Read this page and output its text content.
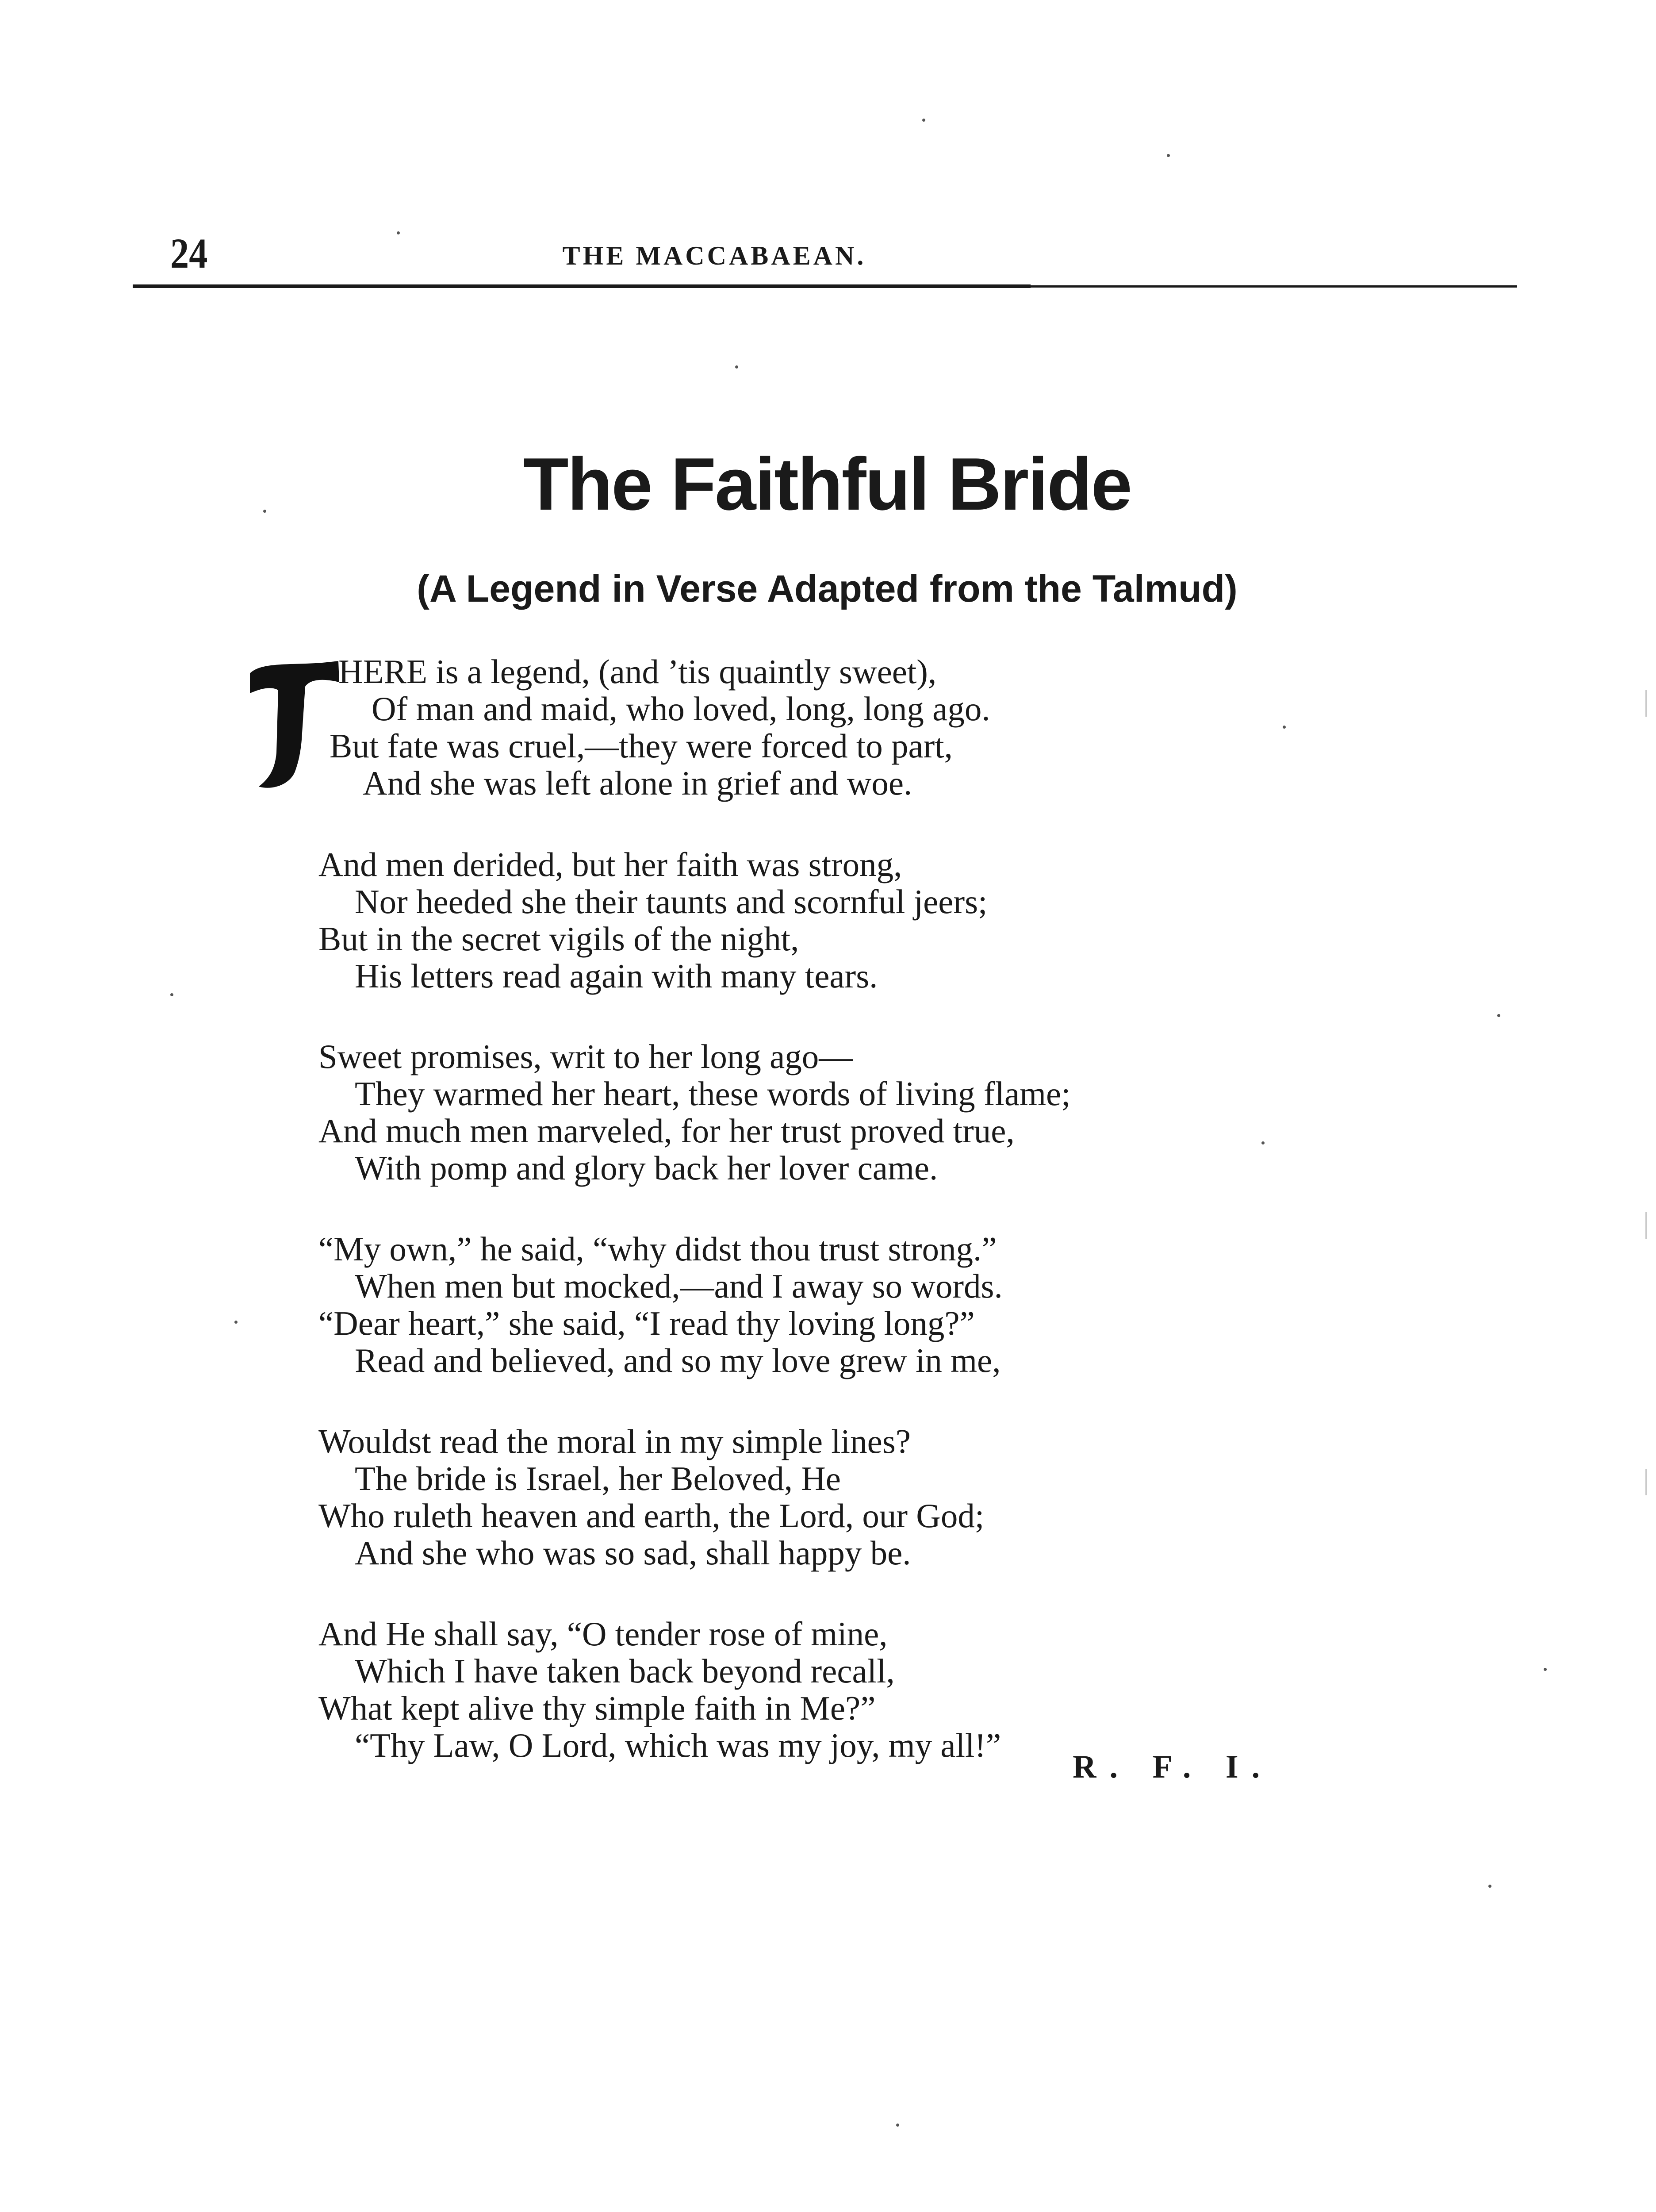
24	THE MACCABAEAN.
The Faithful Bride
(A Legend in Verse Adapted from the Talmud)
HERE is a legend, (and ’tis quaintly sweet),
Of man and maid, who loved, long, long ago.
But fate was cruel,—they were forced to part,
And she was left alone in grief and woe.
And men derided, but her faith was strong,
Nor heeded she their taunts and scornful jeers;
But in the secret vigils of the night,
His letters read again with many tears.
Sweet promises, writ to her long ago—
They warmed her heart, these words of living flame;
And much men marveled, for her trust proved true,
With pomp and glory back her lover came.
“My own,” he said, “why didst thou trust strong.”
When men but mocked,—and I away so words.
“Dear heart,” she said, “I read thy loving long?”
Read and believed, and so my love grew in me,
Wouldst read the moral in my simple lines?
The bride is Israel, her Beloved, He
Who ruleth heaven and earth, the Lord, our God;
And she who was so sad, shall happy be.
And He shall say, “O tender rose of mine,
Which I have taken back beyond recall,
What kept alive thy simple faith in Me?”
“Thy Law, O Lord, which was my joy, my all!”
R. F. I.
